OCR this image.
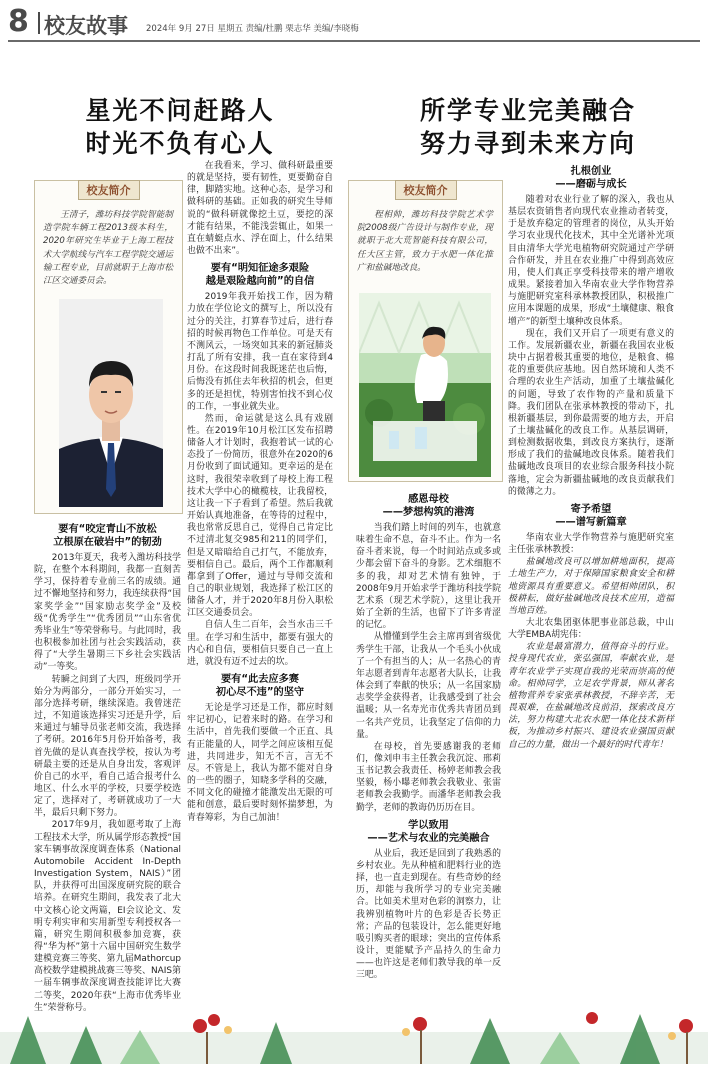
8 校友故事 2024年 9月 27日 星期五 责编/杜鹏 栗志华 美编/李晓梅
星光不问赶路人
时光不负有心人
所学专业完美融合
努力寻到未来方向
校友简介
王清子，潍坊科技学院智能制造学院车辆工程2013级本科生，2020年研究生毕业于上海工程技术大学航线与汽车工程学院交通运输工程专业，目前就职于上海市松江区交通委员会。
校友简介
程相帅，潍坊科技学院艺术学院2008级广告设计与制作专业，现就职于北大荒智能科技有限公司，任大区主管，致力于水肥一体化推广和盐碱地改良。
要有“咬定青山不放松
立根原在破岩中”的韧劲

2013年夏天，我考入潍坊科技学院，在整个本科期间，我都一直刻苦学习，保持着专业前三名的成绩。通过不懈地坚持和努力，我连续获得“国家奖学金”“国家励志奖学金”及校级“优秀学生”“优秀团员”“山东省优秀毕业生”等荣誉称号。与此同时，我也积极参加社团与社会实践活动，获得了“大学生暑期三下乡社会实践活动”一等奖。

转瞬之间到了大四，班级同学开始分为两部分，一部分开始实习，一部分选择考研，继续深造。我曾迷茫过，不知道该选择实习还是升学，后来通过与辅导员张老师交流，我选择了考研。2016年5月份开始备考，我首先做的是认真查找学校，按认为考研最主要的还是从自身出发，客观评价自己的水平，看自己适合报考什么地区、什么水平的学校，只要学校选定了，选择对了，考研就成功了一大半，最后只剩下努力。

2017年9月，我如愿考取了上海工程技术大学，所从属学形态教授“国家车辆事故深度调查体系（National Automobile Accident In-Depth Investigation System，NAIS）”团队，并获得可出国深度研究院的联合培养。在研究生期间，我发表了北大中文核心论文两篇，EI会议论文、发明专利实审和实用新型专利授权各一篇，研究生期间积极参加竞赛，获得“华为杯”第十六届中国研究生数学建模竞赛三等奖、第九届Mathorcup高校数学建模挑战赛三等奖、NAIS第一届车辆事故深度调查技能评比大赛二等奖，2020年获“上海市优秀毕业生”荣誉称号。

在我看来，学习、做科研最重要的就是坚持，要有韧性，更要勤奋自律，脚踏实地。这种心态，是学习和做科研的基础。正如我的研究生导师说的“做科研就像挖土豆，要挖的深才能有结果，不能浅尝辄止，如果一直在蜻蜓点水、浮在面上，什么结果也做不出来”。

要有“明知征途多艰险
越是艰险越向前”的自信

2019年我开始找工作，因为精力放在学位论文的撰写上，所以没有过分的关注，打算春节过后，进行春招的时候再物色工作单位。可是天有不测风云，一场突如其来的新冠肺炎打乱了所有安排，我一直在家待到4月份。在这段时间我既迷茫也后悔，后悔没有抓住去年秋招的机会，但更多的还是担忧，特别害怕找不到心仪的工作，一事业就失业。

然而，命运就是这么具有戏剧性。在2019年10月松江区发布招聘储备人才计划时，我抱着试一试的心态投了一份简历，很意外在2020的6月份收到了面试通知。更幸运的是在这时，我很荣幸收到了母校上海工程技术大学中心的橄榄枝，让我留校，这让我一下子看到了希望。然后我就开始认真地准备，在等待的过程中，我也常常反思自己，觉得自己肯定比不过清北复交985和211的同学们，但是又暗暗给自己打气，不能放弃，要相信自己。最后，两个工作都顺利都拿到了Offer，通过与导师交流和自己的职业规划，我选择了松江区的储备人才，并于2020年8月份入职松江区交通委员会。

自信人生二百年，会当水击三千里。在学习和生活中，都要有强大的内心和自信，要相信只要自己一直上进，就没有迈不过去的坎。

要有“此去应多赛
初心尽不违”的坚守

无论是学习还是工作，都应时刻牢记初心，记着来时的路。在学习和生活中，首先我们要做一个正直、具有正能量的人，同学之间应该相互促进，共同进步，知无不言，言无不尽。不管是上，我认为都不能对自身的一些的圈子，知晓多学科的交融，不同文化的碰撞才能激发出无限的可能和创意，最后要时刻怀揣梦想，为青春筹彩，为自己加油！

感恩母校
——梦想构筑的港湾

当我们踏上时间的列车，也就意味着生命不息，奋斗不止。作为一名奋斗者来说，每一个时间站点或多或少都会留下奋斗的身影。艺术细胞不多的我，却对艺术情有独钟，于2008年9月开始求学于潍坊科技学院艺术系（现艺术学院），这里让我开始了全新的生活，也留下了许多青涩的记忆。

从懵懂到学生会主席再到省级优秀学生干部，让我从一个毛头小伙成了一个有担当的人；从一名热心的青年志愿者到青年志愿者大队长，让我体会到了奉献的快乐；从一名国家励志奖学金获得者，让我感受到了社会温暖；从一名寿光市优秀共青团员到一名共产党员，让我坚定了信仰的力量。

在母校，首先要感谢我的老师们，像刘申韦主任教会我沉淀、邢莉玉书记教会我责任、杨婷老师教会我坚毅，杨小曝老师教会我敬业、张雷老师教会我勤学。而潘华老师教会我勤学，老师的教诲仍历历在目。

学以致用
——艺术与农业的完美融合

从业后，我还是回到了我熟悉的乡村农业。先从种植和肥料行业的选择，也一直走到现在。有些奇妙的经历，却能与我所学习的专业完美融合。比如美术里对色彩的洞察力，让我辨别植物叶片的色彩是否长势正常；产品的包装设计，怎么能更好地吸引购买者的眼球；突出的宣传体系设计，更能赋予产品持久的生命力——也许这是老师们教导我的单一反三吧。

扎根创业
——磨砺与成长

随着对农业行业了解的深入，我也从基层农资销售者向现代农业推动者转变，于是放弃稳定的管理者的岗位，从头开始学习农业现代化技术，其中全光谱补光项目由清华大学光电植物研究院通过产学研合作研发，并且在农业推广中得到高效应用，使人们真正享受科技带来的增产增收成果。紧接着加入华南农业大学作物营养与施肥研究室科承林教授团队，积极推广应用本课题的成果，形成“土壤健康、粮食增产”的新型土壤种改良体系。

现在，我们又开启了一项更有意义的工作。发展新疆农业，新疆在我国农业板块中占据着极其重要的地位，是粮食、棉花的重要供应基地。因自然环境和人类不合理的农业生产活动，加重了土壤盐碱化的问题，导致了农作物的产量和质量下降。我们团队在张承林教授的带动下，扎根新疆基层，到你最需要的地方去，开启了土壤盐碱化的改良工作。从基层调研，到检测数据收集，到改良方案执行，逐渐形成了我们的盐碱地改良体系。随着我们盐碱地改良项目的农业综合服务科技小院落地，定会为新疆盐碱地的改良贡献我们的微薄之力。

寄予希望
——谱写新篇章

华南农业大学作物营养与施肥研究室主任张承林教授：

盐碱地改良可以增加耕地面积，提高土地生产力，对于保障国家粮食安全和耕地资源具有重要意义。希望相帅团队，积极耕耘，做好盐碱地改良技术应用，造福当地百姓。

大北农集团驱体肥事业部总裁，中山大学EMBA胡宪伟：

农业是最富潜力，值得奋斗的行业。投身现代农业，张弘强国，奉献农业，是青年农业学子实现自我的光荣而崇高的使命。相帅同学，立足农学背景，师从著名植物营养专家张承林教授，不辞辛苦，无畏艰难，在盐碱地改良前沿，探索改良方法，努力构建大北农水肥一体化技术新样板，为推动乡村振兴、建设农业强国贡献自己的力量，做出一个最好的时代青年！
